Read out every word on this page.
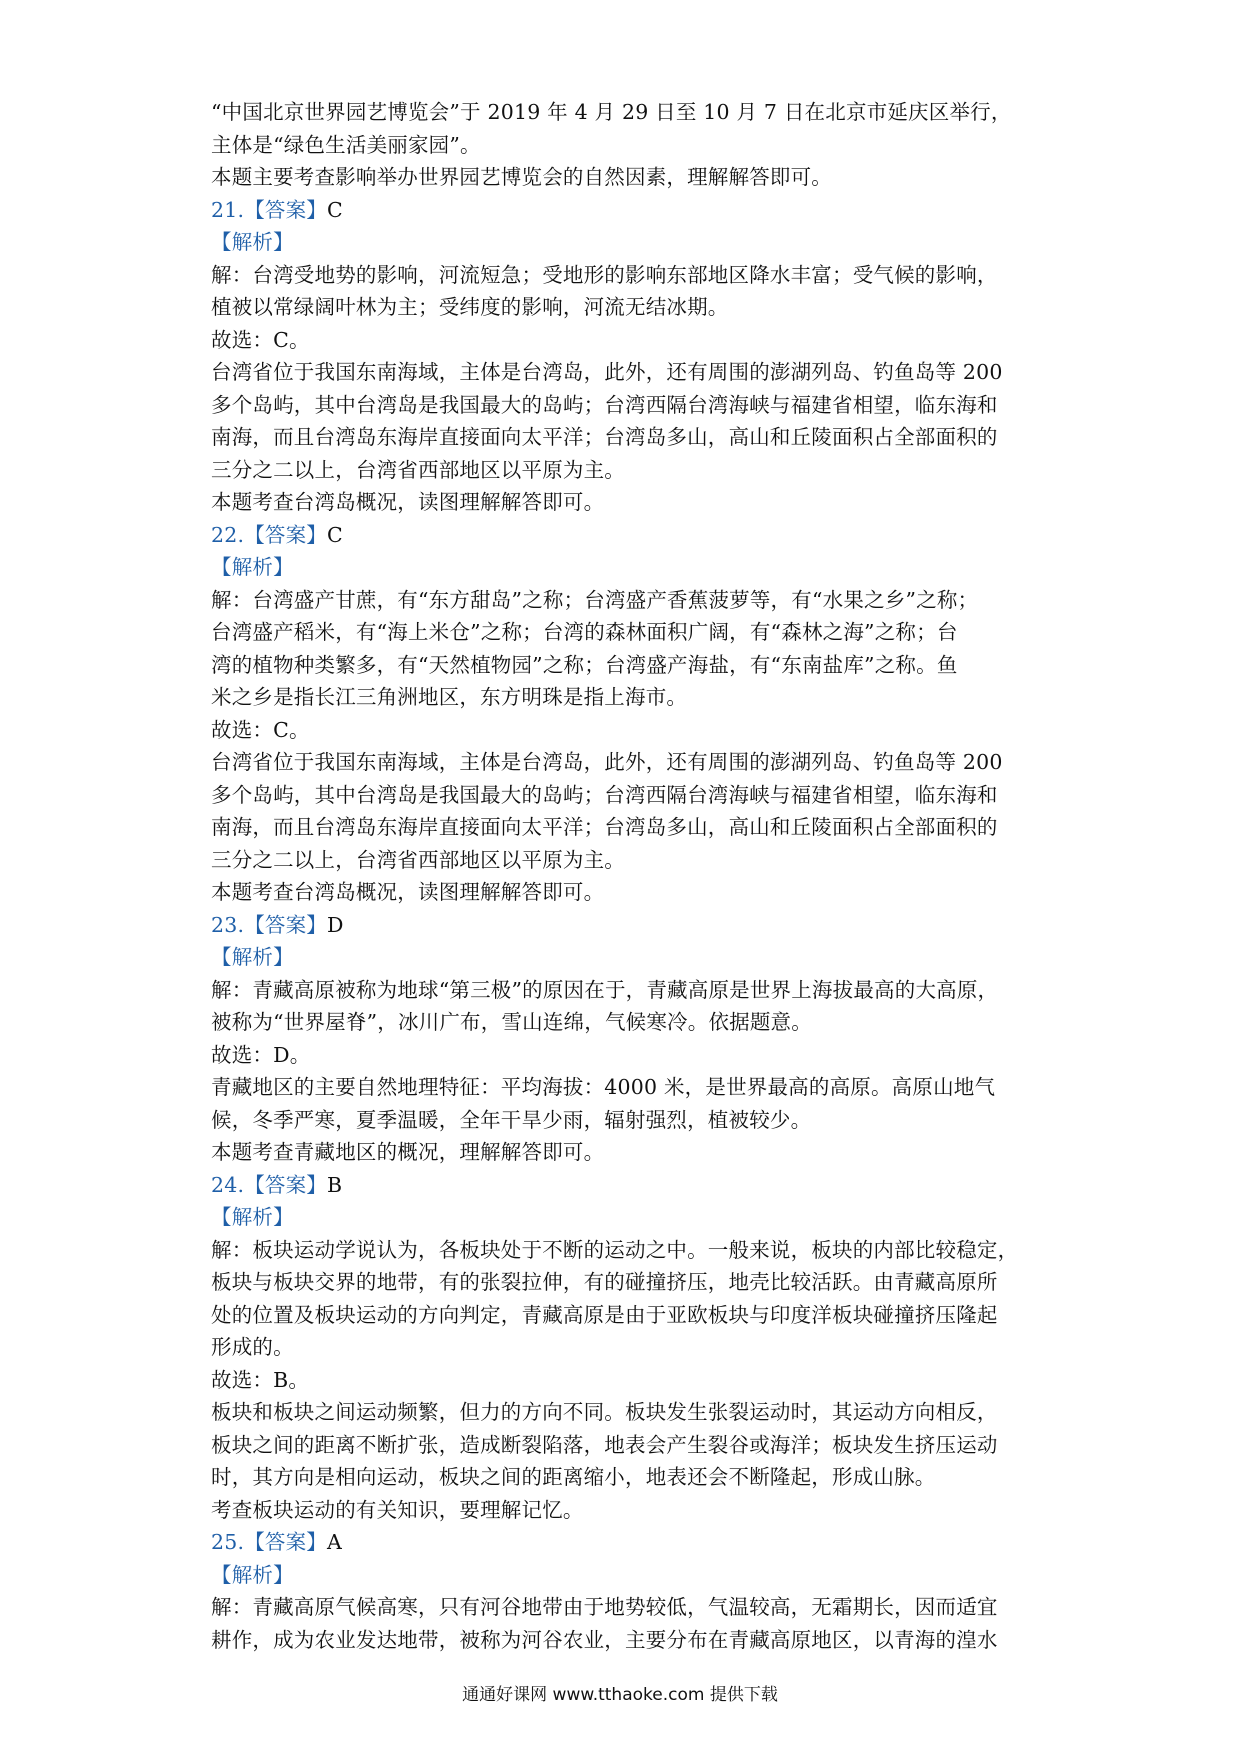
“中国北京世界园艺博览会”于 2019 年 4 月 29 日至 10 月 7 日在北京市延庆区举行，
主体是“绿色生活美丽家园”。
本题主要考查影响举办世界园艺博览会的自然因素，理解解答即可。
21.【答案】C
【解析】
解：台湾受地势的影响，河流短急；受地形的影响东部地区降水丰富；受气候的影响，
植被以常绿阔叶林为主；受纬度的影响，河流无结冰期。
故选：C。
台湾省位于我国东南海域，主体是台湾岛，此外，还有周围的澎湖列岛、钓鱼岛等 200
多个岛屿，其中台湾岛是我国最大的岛屿；台湾西隔台湾海峡与福建省相望，临东海和
南海，而且台湾岛东海岸直接面向太平洋；台湾岛多山，高山和丘陵面积占全部面积的
三分之二以上，台湾省西部地区以平原为主。
本题考查台湾岛概况，读图理解解答即可。
22.【答案】C
【解析】
解：台湾盛产甘蔗，有“东方甜岛”之称；台湾盛产香蕉菠萝等，有“水果之乡”之称；
台湾盛产稻米，有“海上米仓”之称；台湾的森林面积广阔，有“森林之海”之称；台
湾的植物种类繁多，有“天然植物园”之称；台湾盛产海盐，有“东南盐库”之称。鱼
米之乡是指长江三角洲地区，东方明珠是指上海市。
故选：C。
台湾省位于我国东南海域，主体是台湾岛，此外，还有周围的澎湖列岛、钓鱼岛等 200
多个岛屿，其中台湾岛是我国最大的岛屿；台湾西隔台湾海峡与福建省相望，临东海和
南海，而且台湾岛东海岸直接面向太平洋；台湾岛多山，高山和丘陵面积占全部面积的
三分之二以上，台湾省西部地区以平原为主。
本题考查台湾岛概况，读图理解解答即可。
23.【答案】D
【解析】
解：青藏高原被称为地球“第三极”的原因在于，青藏高原是世界上海拔最高的大高原，
被称为“世界屋脊”，冰川广布，雪山连绵，气候寒冷。依据题意。
故选：D。
青藏地区的主要自然地理特征：平均海拔：4000 米，是世界最高的高原。高原山地气
候，冬季严寒，夏季温暖，全年干旱少雨，辐射强烈，植被较少。
本题考查青藏地区的概况，理解解答即可。
24.【答案】B
【解析】
解：板块运动学说认为，各板块处于不断的运动之中。一般来说，板块的内部比较稳定，
板块与板块交界的地带，有的张裂拉伸，有的碰撞挤压，地壳比较活跃。由青藏高原所
处的位置及板块运动的方向判定，青藏高原是由于亚欧板块与印度洋板块碰撞挤压隆起
形成的。
故选：B。
板块和板块之间运动频繁，但力的方向不同。板块发生张裂运动时，其运动方向相反，
板块之间的距离不断扩张，造成断裂陷落，地表会产生裂谷或海洋；板块发生挤压运动
时，其方向是相向运动，板块之间的距离缩小，地表还会不断隆起，形成山脉。
考查板块运动的有关知识，要理解记忆。
25.【答案】A
【解析】
解：青藏高原气候高寒，只有河谷地带由于地势较低，气温较高，无霜期长，因而适宜
耕作，成为农业发达地带，被称为河谷农业，主要分布在青藏高原地区，以青海的湟水
通通好课网 www.tthaoke.com 提供下载
